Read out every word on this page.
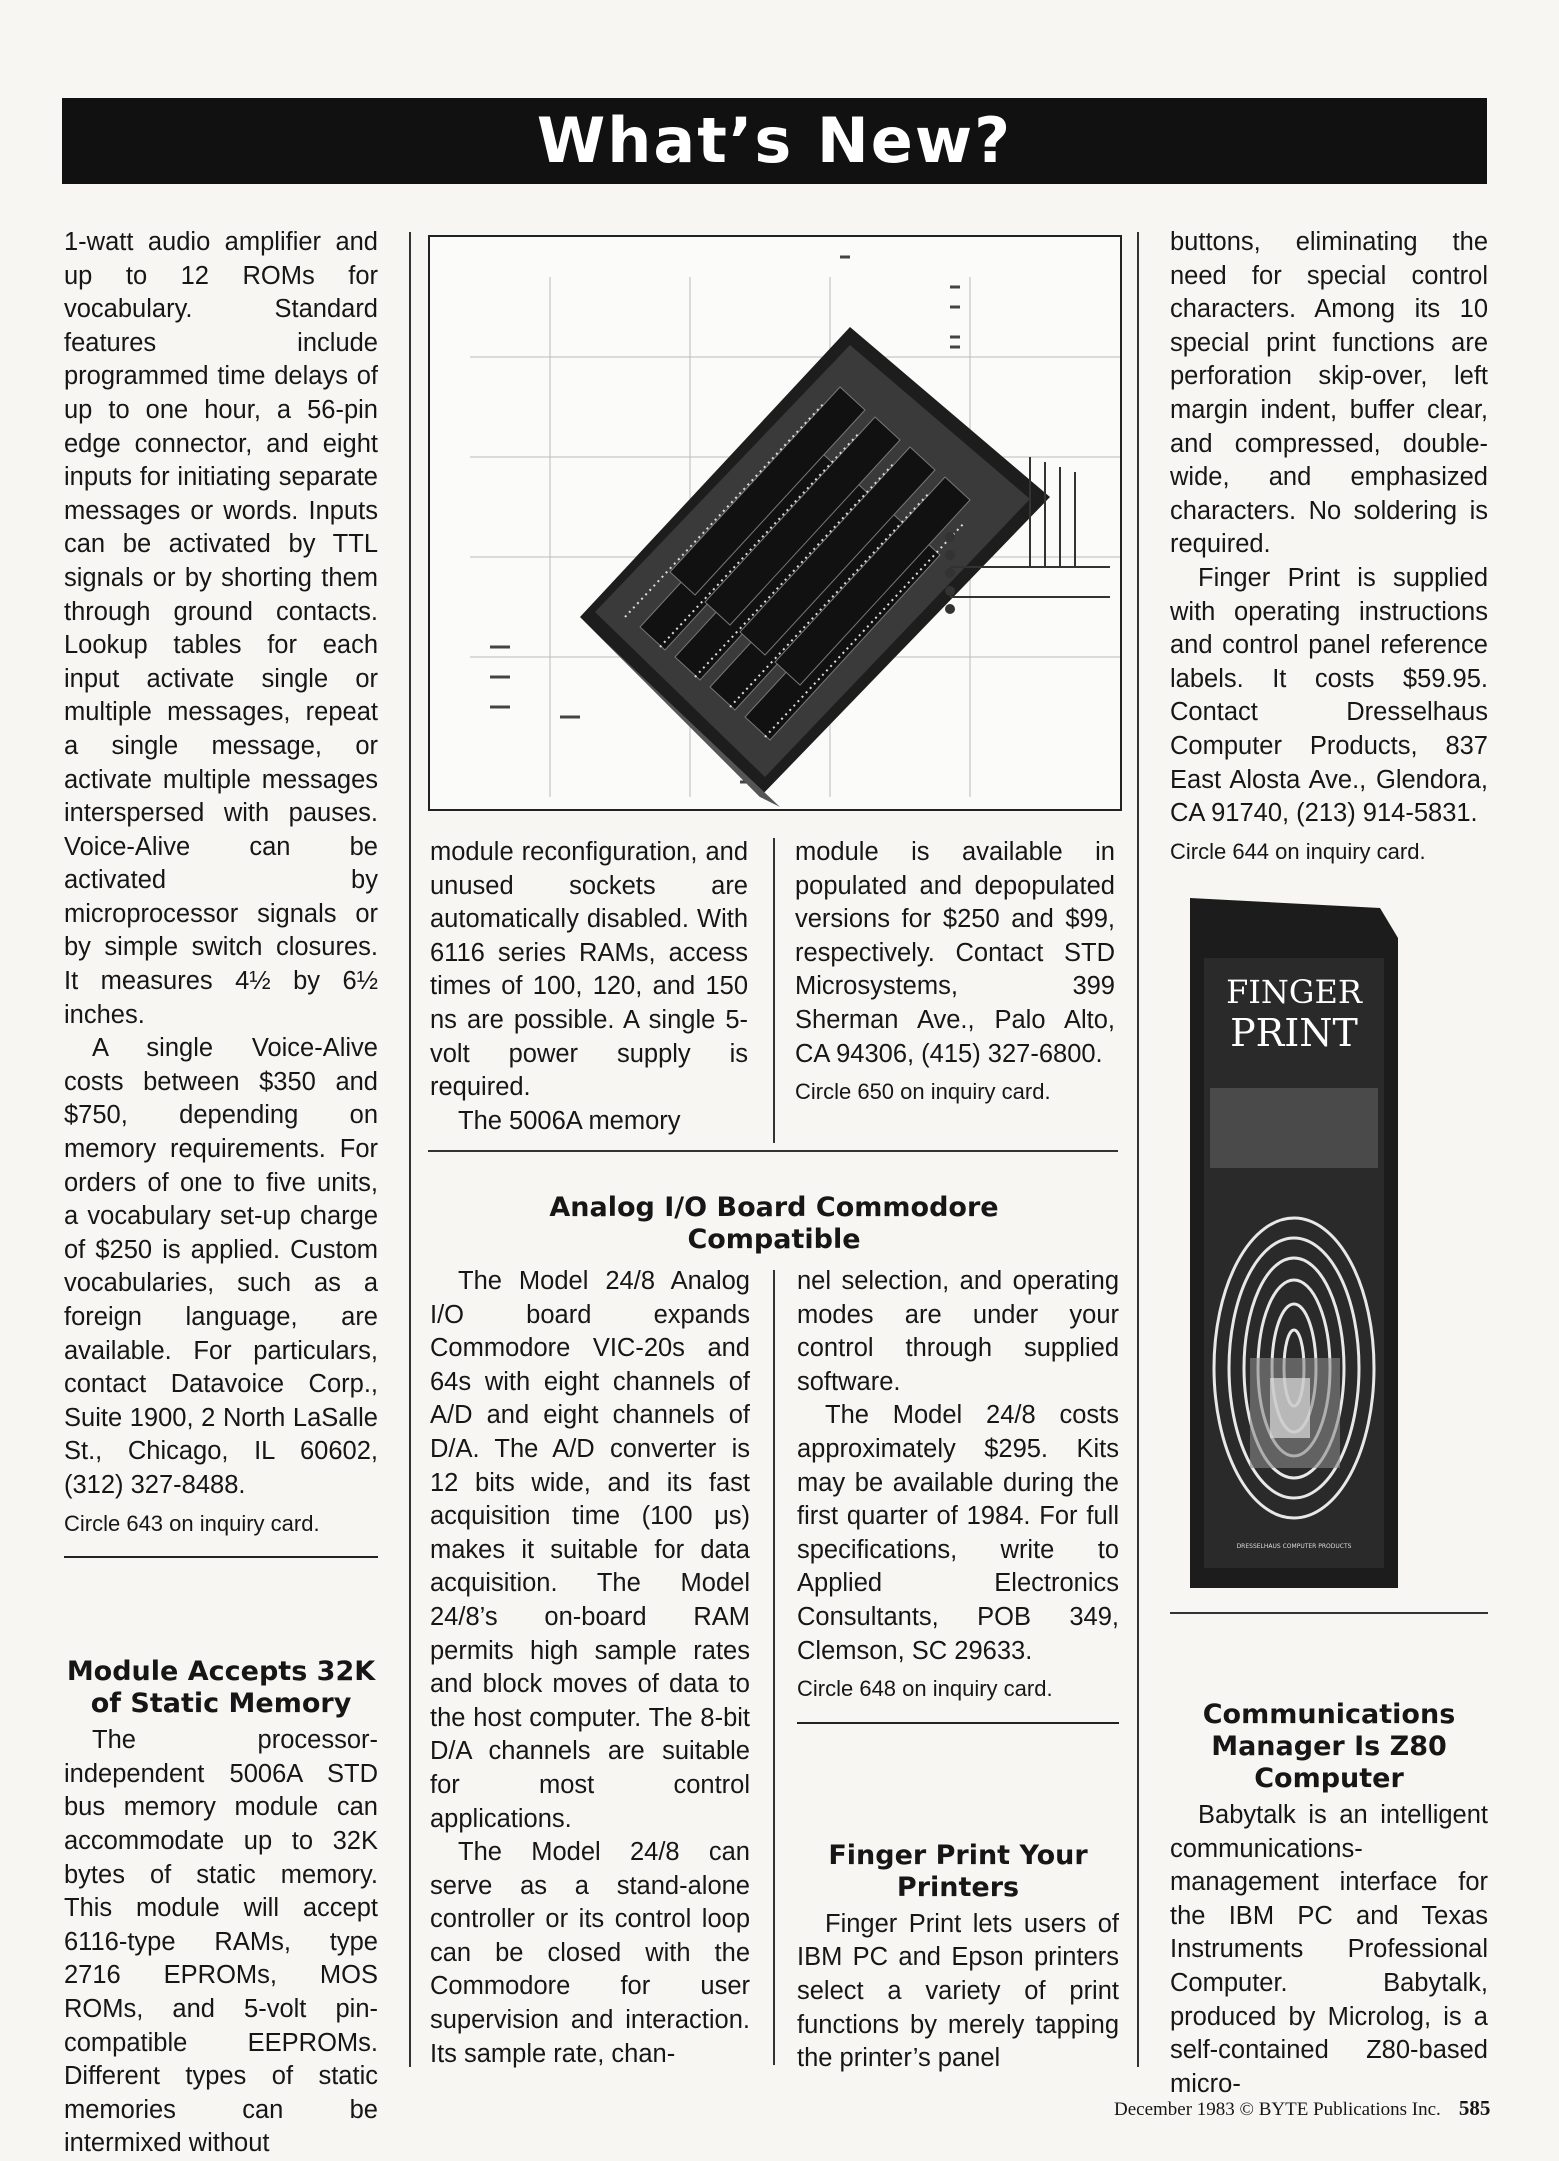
What’s New?

1-watt audio amplifier and up to 12 ROMs for vocabulary. Standard features include programmed time delays of up to one hour, a 56-pin edge connector, and eight inputs for initiating separate messages or words. Inputs can be activated by TTL signals or by shorting them through ground contacts. Lookup tables for each input activate single or multiple messages, repeat a single message, or activate multiple messages interspersed with pauses. Voice-Alive can be activated by microprocessor signals or by simple switch closures. It measures 4½ by 6½ inches.

A single Voice-Alive costs between $350 and $750, depending on memory requirements. For orders of one to five units, a vocabulary set-up charge of $250 is applied. Custom vocabularies, such as a foreign language, are available. For particulars, contact Datavoice Corp., Suite 1900, 2 North LaSalle St., Chicago, IL 60602, (312) 327-8488.

Circle 643 on inquiry card.

Module Accepts 32K of Static Memory

The processor-independent 5006A STD bus memory module can accommodate up to 32K bytes of static memory. This module will accept 6116-type RAMs, type 2716 EPROMs, MOS ROMs, and 5-volt pin-compatible EEPROMs. Different types of static memories can be intermixed without

module reconfiguration, and unused sockets are automatically disabled. With 6116 series RAMs, access times of 100, 120, and 150 ns are possible. A single 5-volt power supply is required.

The 5006A memory

module is available in populated and depopulated versions for $250 and $99, respectively. Contact STD Microsystems, 399 Sherman Ave., Palo Alto, CA 94306, (415) 327-6800.

Circle 650 on inquiry card.

Analog I/O Board Commodore Compatible

The Model 24/8 Analog I/O board expands Commodore VIC-20s and 64s with eight channels of A/D and eight channels of D/A. The A/D converter is 12 bits wide, and its fast acquisition time (100 μs) makes it suitable for data acquisition. The Model 24/8’s on-board RAM permits high sample rates and block moves of data to the host computer. The 8-bit D/A channels are suitable for most control applications.

The Model 24/8 can serve as a stand-alone controller or its control loop can be closed with the Commodore for user supervision and interaction. Its sample rate, chan-

nel selection, and operating modes are under your control through supplied software.

The Model 24/8 costs approximately $295. Kits may be available during the first quarter of 1984. For full specifications, write to Applied Electronics Consultants, POB 349, Clemson, SC 29633.

Circle 648 on inquiry card.

Finger Print Your Printers

Finger Print lets users of IBM PC and Epson printers select a variety of print functions by merely tapping the printer’s panel

buttons, eliminating the need for special control characters. Among its 10 special print functions are perforation skip-over, left margin indent, buffer clear, and compressed, double-wide, and emphasized characters. No soldering is required.

Finger Print is supplied with operating instructions and control panel reference labels. It costs $59.95. Contact Dresselhaus Computer Products, 837 East Alosta Ave., Glendora, CA 91740, (213) 914-5831.

Circle 644 on inquiry card.

FINGER
PRINT
DRESSELHAUS COMPUTER PRODUCTS
Communications Manager Is Z80 Computer

Babytalk is an intelligent communications-management interface for the IBM PC and Texas Instruments Professional Computer. Babytalk, produced by Microlog, is a self-contained Z80-based micro-

December 1983 © BYTE Publications Inc. 585
